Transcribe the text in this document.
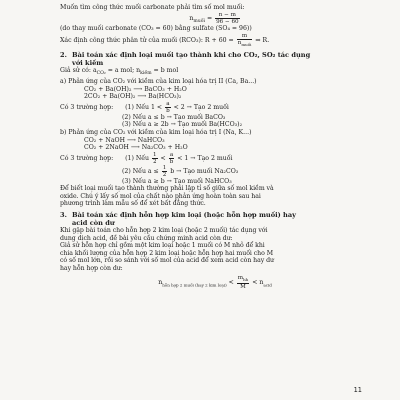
Muốn tìm công thức muối carbonate phải tìm số mol muối:
$n_{muối} = \frac{n - m}{96 - 60}$
(do thay muối carbonate (CO₃ = 60) bằng sulfate (SO₄ = 96))
Xác định công thức phân tử của muối (RCO₃): $R + 60 = \frac{m}{n_{muối}}$ ⇒ R.
2. Bài toán xác định loại muối tạo thành khi cho CO₂, SO₂ tác dụng
với kiềm
Giả sử có: $a_{CO_2} = a$ mol; $n_{kiềm} = b$ mol
a) Phản ứng của CO₂ với kiềm của kim loại hóa trị II (Ca, Ba...)
CO₂ + Ba(OH)₂ ⟶ BaCO₃ + H₂O
2CO₂ + Ba(OH)₂ ⟶ Ba(HCO₃)₂
Có 3 trường hợp: (1) Nếu $1 < \frac{a}{b} < 2$ → Tạo 2 muối
(2) Nếu a ≤ b → Tạo muối BaCO₃
(3) Nếu a ≥ 2b → Tạo muối Ba(HCO₃)₂
b) Phản ứng của CO₂ với kiềm của kim loại hóa trị I (Na, K...)
CO₂ + NaOH ⟶ NaHCO₃
CO₂ + 2NaOH ⟶ Na₂CO₃ + H₂O
Có 3 trường hợp: (1) Nếu $\frac{1}{2} < \frac{a}{b} < 1$ → Tạo 2 muối
(2) Nếu $a \le \frac{1}{2}$ b → Tạo muối Na₂CO₃
(3) Nếu a ≥ b → Tạo muối NaHCO₃
Để biết loại muối tạo thành thường phải lập tỉ số giữa số mol kiềm và
oxide. Chú ý lấy số mol của chất nào phản ứng hoàn toàn sau hai
phương trình làm mẫu số để xét bất đẳng thức.
3. Bài toán xác định hỗn hợp kim loại (hoặc hỗn hợp muối) hay
acid còn dư
Khi gặp bài toán cho hỗn hợp 2 kim loại (hoặc 2 muối) tác dụng với
dung dịch acid, đề bài yêu cầu chứng minh acid còn dư:
Giả sử hỗn hợp chỉ gồm một kim loại hoặc 1 muối có M nhỏ để khi
chia khối lượng của hỗn hợp 2 kim loại hoặc hỗn hợp hai muối cho M
có số mol lớn, rồi so sánh với số mol của acid để xem acid còn hay dư
hay hỗn hợp còn dư:
$n_{hỗn hợp 2 muối (hay 2 kim loại)} < \frac{m_{hh}}{M} < n_{acid}$
11
